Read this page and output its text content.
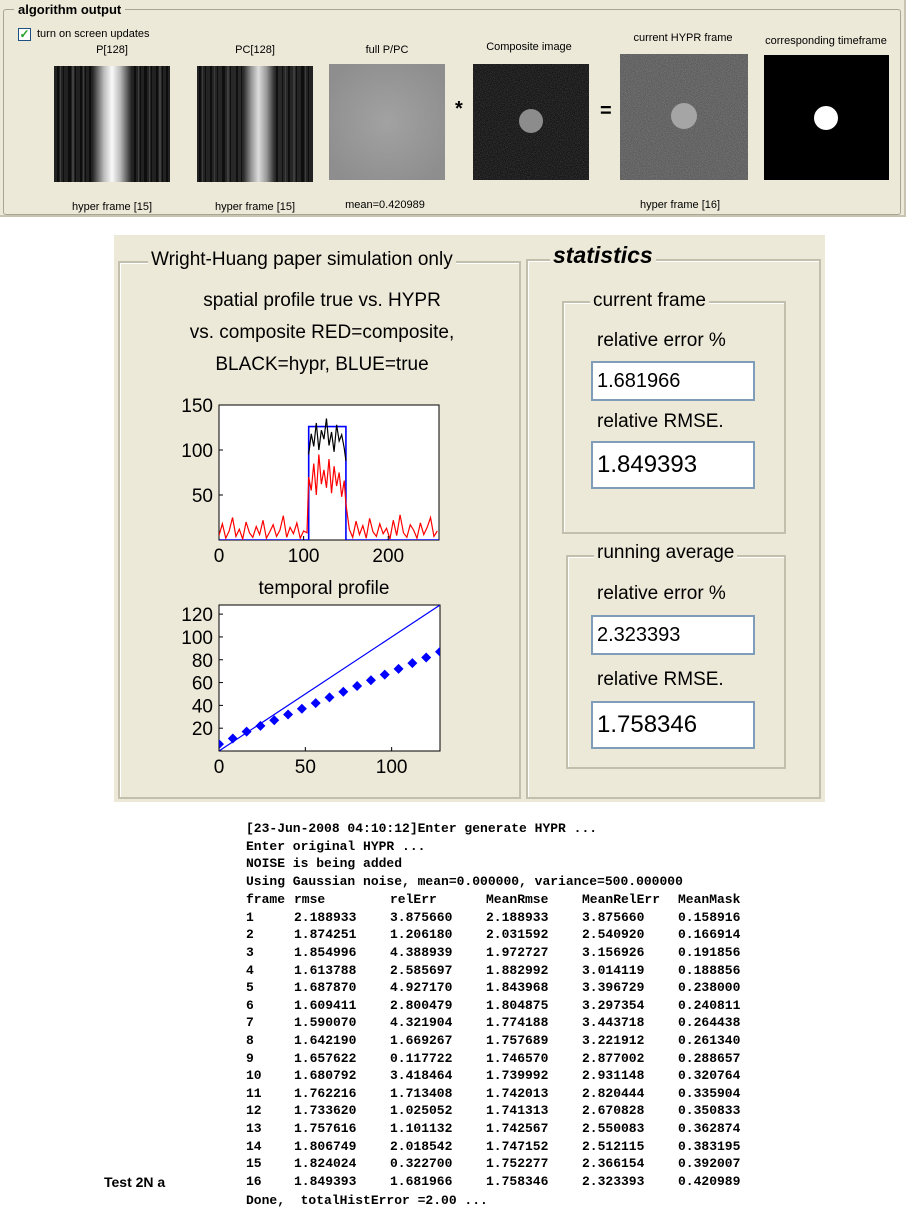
algorithm output
✓ turn on screen updates
P[128]	PC[128]	full P/PC	Composite image
current HYPR frame	corresponding timeframe
*	=
hyper frame [15]	hyper frame [15]	mean=0.420989	hyper frame [16]
Wright-Huang paper simulation only
spatial profile true vs. HYPR
vs. composite RED=composite,
BLACK=hypr, BLUE=true
0	100	200
50
100
150
temporal profile
0	50	100
20
40
60
80
100
120
statistics
current frame
relative error %
1.681966
relative RMSE.
1.849393
running average
relative error %
2.323393
relative RMSE.
1.758346
[23-Jun-2008 04:10:12]Enter generate HYPR ...
Enter original HYPR ...
NOISE is being added
Using Gaussian noise, mean=0.000000, variance=500.000000
frame	rmse	relErr	MeanRmse	MeanRelErr	MeanMask
1	2.188933	3.875660	2.188933	3.875660	0.158916
2	1.874251	1.206180	2.031592	2.540920	0.166914
3	1.854996	4.388939	1.972727	3.156926	0.191856
4	1.613788	2.585697	1.882992	3.014119	0.188856
5	1.687870	4.927170	1.843968	3.396729	0.238000
6	1.609411	2.800479	1.804875	3.297354	0.240811
7	1.590070	4.321904	1.774188	3.443718	0.264438
8	1.642190	1.669267	1.757689	3.221912	0.261340
9	1.657622	0.117722	1.746570	2.877002	0.288657
10	1.680792	3.418464	1.739992	2.931148	0.320764
11	1.762216	1.713408	1.742013	2.820444	0.335904
12	1.733620	1.025052	1.741313	2.670828	0.350833
13	1.757616	1.101132	1.742567	2.550083	0.362874
14	1.806749	2.018542	1.747152	2.512115	0.383195
15	1.824024	0.322700	1.752277	2.366154	0.392007
16	1.849393	1.681966	1.758346	2.323393	0.420989
Done,  totalHistError =2.00 ...
Test 2N a
